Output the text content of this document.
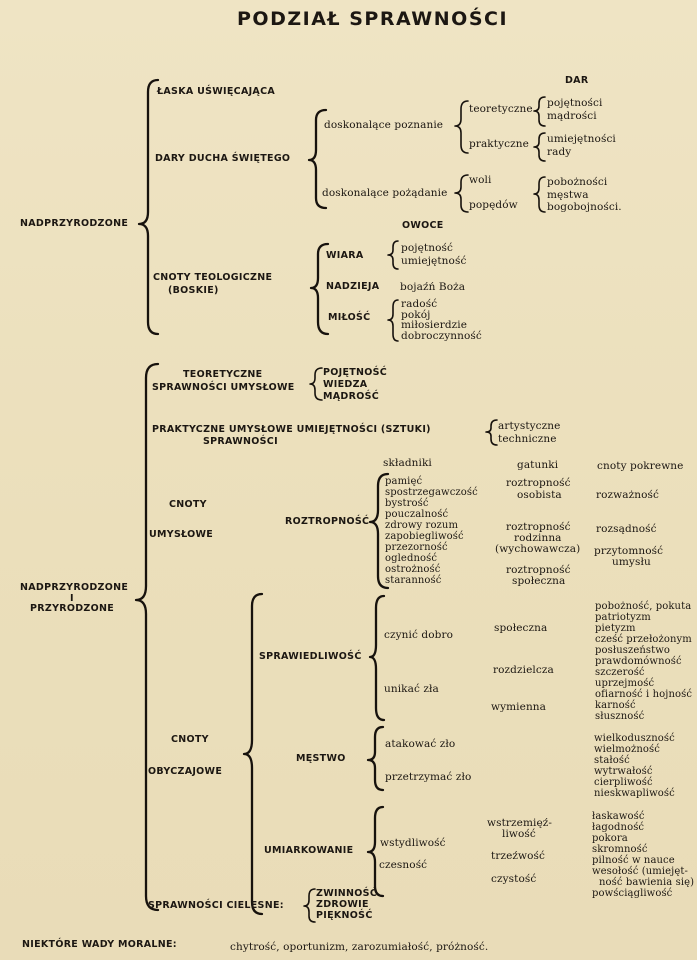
PODZIAŁ SPRAWNOŚCI
NADPRZYRODZONE
ŁASKA UŚWIĘCAJĄCA
DARY DUCHA ŚWIĘTEGO
DAR
doskonalące poznanie
doskonalące pożądanie
teoretyczne
praktyczne
woli
popędów
pojętności
mądrości
umiejętności
rady
pobożności
męstwa
bogobojności.
OWOCE
CNOTY TEOLOGICZNE
(BOSKIE)
WIARA
NADZIEJA
MIŁOŚĆ
pojętność
umiejętność
bojaźń Boża
radość
pokój
miłosierdzie
dobroczynność
NADPRZYRODZONE
I
PRZYRODZONE
TEORETYCZNE
SPRAWNOŚCI UMYSŁOWE
POJĘTNOŚĆ
WIEDZA
MĄDROŚĆ
PRAKTYCZNE UMYSŁOWE UMIEJĘTNOŚCI (SZTUKI)
SPRAWNOŚCI
artystyczne
techniczne
składniki	gatunki	cnoty pokrewne
CNOTY
UMYSŁOWE
ROZTROPNOŚĆ
pamięć
spostrzegawczość
bystrość
pouczalność
zdrowy rozum
zapobiegliwość
przezorność
ogledność
ostrożność
staranność
roztropność
osobista
roztropność
rodzinna
(wychowawcza)
roztropność
społeczna
rozważność
rozsądność
przytomność
umysłu
CNOTY
OBYCZAJOWE
SPRAWIEDLIWOŚĆ
czynić dobro
unikać zła
społeczna
rozdzielcza
wymienna
pobożność, pokuta
patriotyzm
pietyzm
cześć przełożonym
posłuszeństwo
prawdomówność
szczerość
uprzejmość
ofiarność i hojność
karność
słuszność
MĘSTWO
atakować zło
przetrzymać zło
wielkoduszność
wielmożność
stałość
wytrwałość
cierpliwość
nieskwapliwość
UMIARKOWANIE
wstydliwość
czesność
wstrzemięź-
liwość
trzeźwość
czystość
łaskawość
łagodność
pokora
skromność
pilność w nauce
wesołość (umiejęt-
ność bawienia się)
powściągliwość
SPRAWNOŚCI CIELESNE:
ZWINNOŚĆ
ZDROWIE
PIĘKNOŚĆ
NIEKTÓRE WADY MORALNE:	chytrość, oportunizm, zarozumiałość, próżność.
